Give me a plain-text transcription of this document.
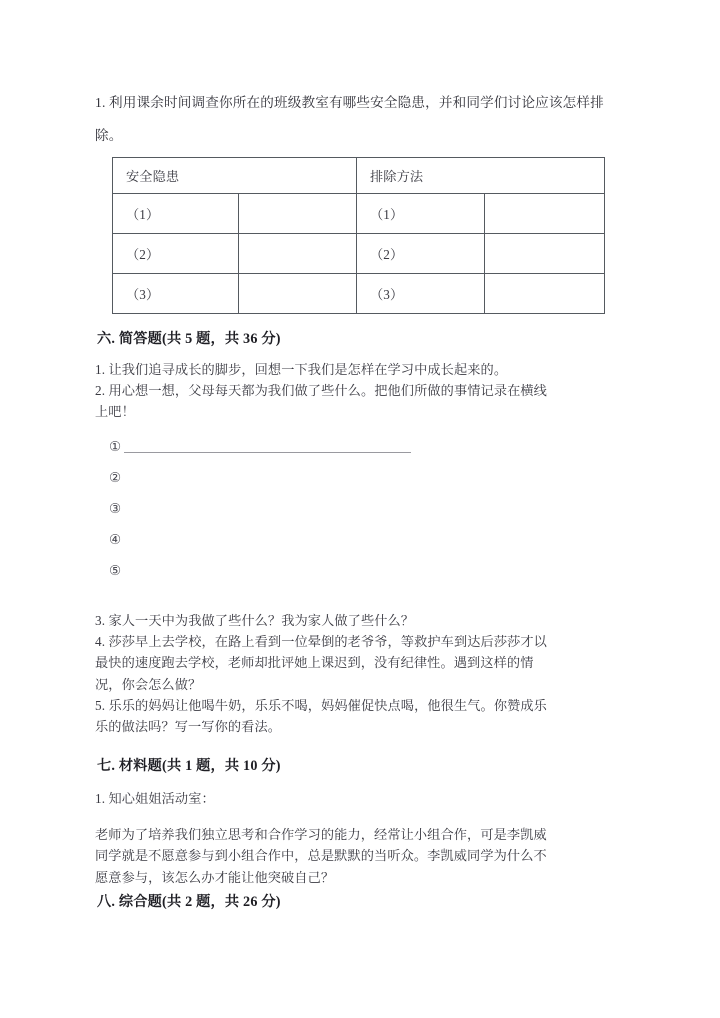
1. 利用课余时间调查你所在的班级教室有哪些安全隐患，并和同学们讨论应该怎样排除。
安全隐患		排除方法	
（1）		（1）	
（2）		（2）	
（3）		（3）	
六. 简答题(共 5 题，共 36 分)
1. 让我们追寻成长的脚步，回想一下我们是怎样在学习中成长起来的。
2. 用心想一想，父母每天都为我们做了些什么。把他们所做的事情记录在横线
上吧！
①
②
③
④
⑤
3. 家人一天中为我做了些什么？我为家人做了些什么？
4. 莎莎早上去学校，在路上看到一位晕倒的老爷爷，等救护车到达后莎莎才以
最快的速度跑去学校，老师却批评她上课迟到，没有纪律性。遇到这样的情
况，你会怎么做？
5. 乐乐的妈妈让他喝牛奶，乐乐不喝，妈妈催促快点喝，他很生气。你赞成乐
乐的做法吗？写一写你的看法。
七. 材料题(共 1 题，共 10 分)
1. 知心姐姐活动室：
老师为了培养我们独立思考和合作学习的能力，经常让小组合作，可是李凯威
同学就是不愿意参与到小组合作中，总是默默的当听众。李凯威同学为什么不
愿意参与，该怎么办才能让他突破自己？
八. 综合题(共 2 题，共 26 分)
